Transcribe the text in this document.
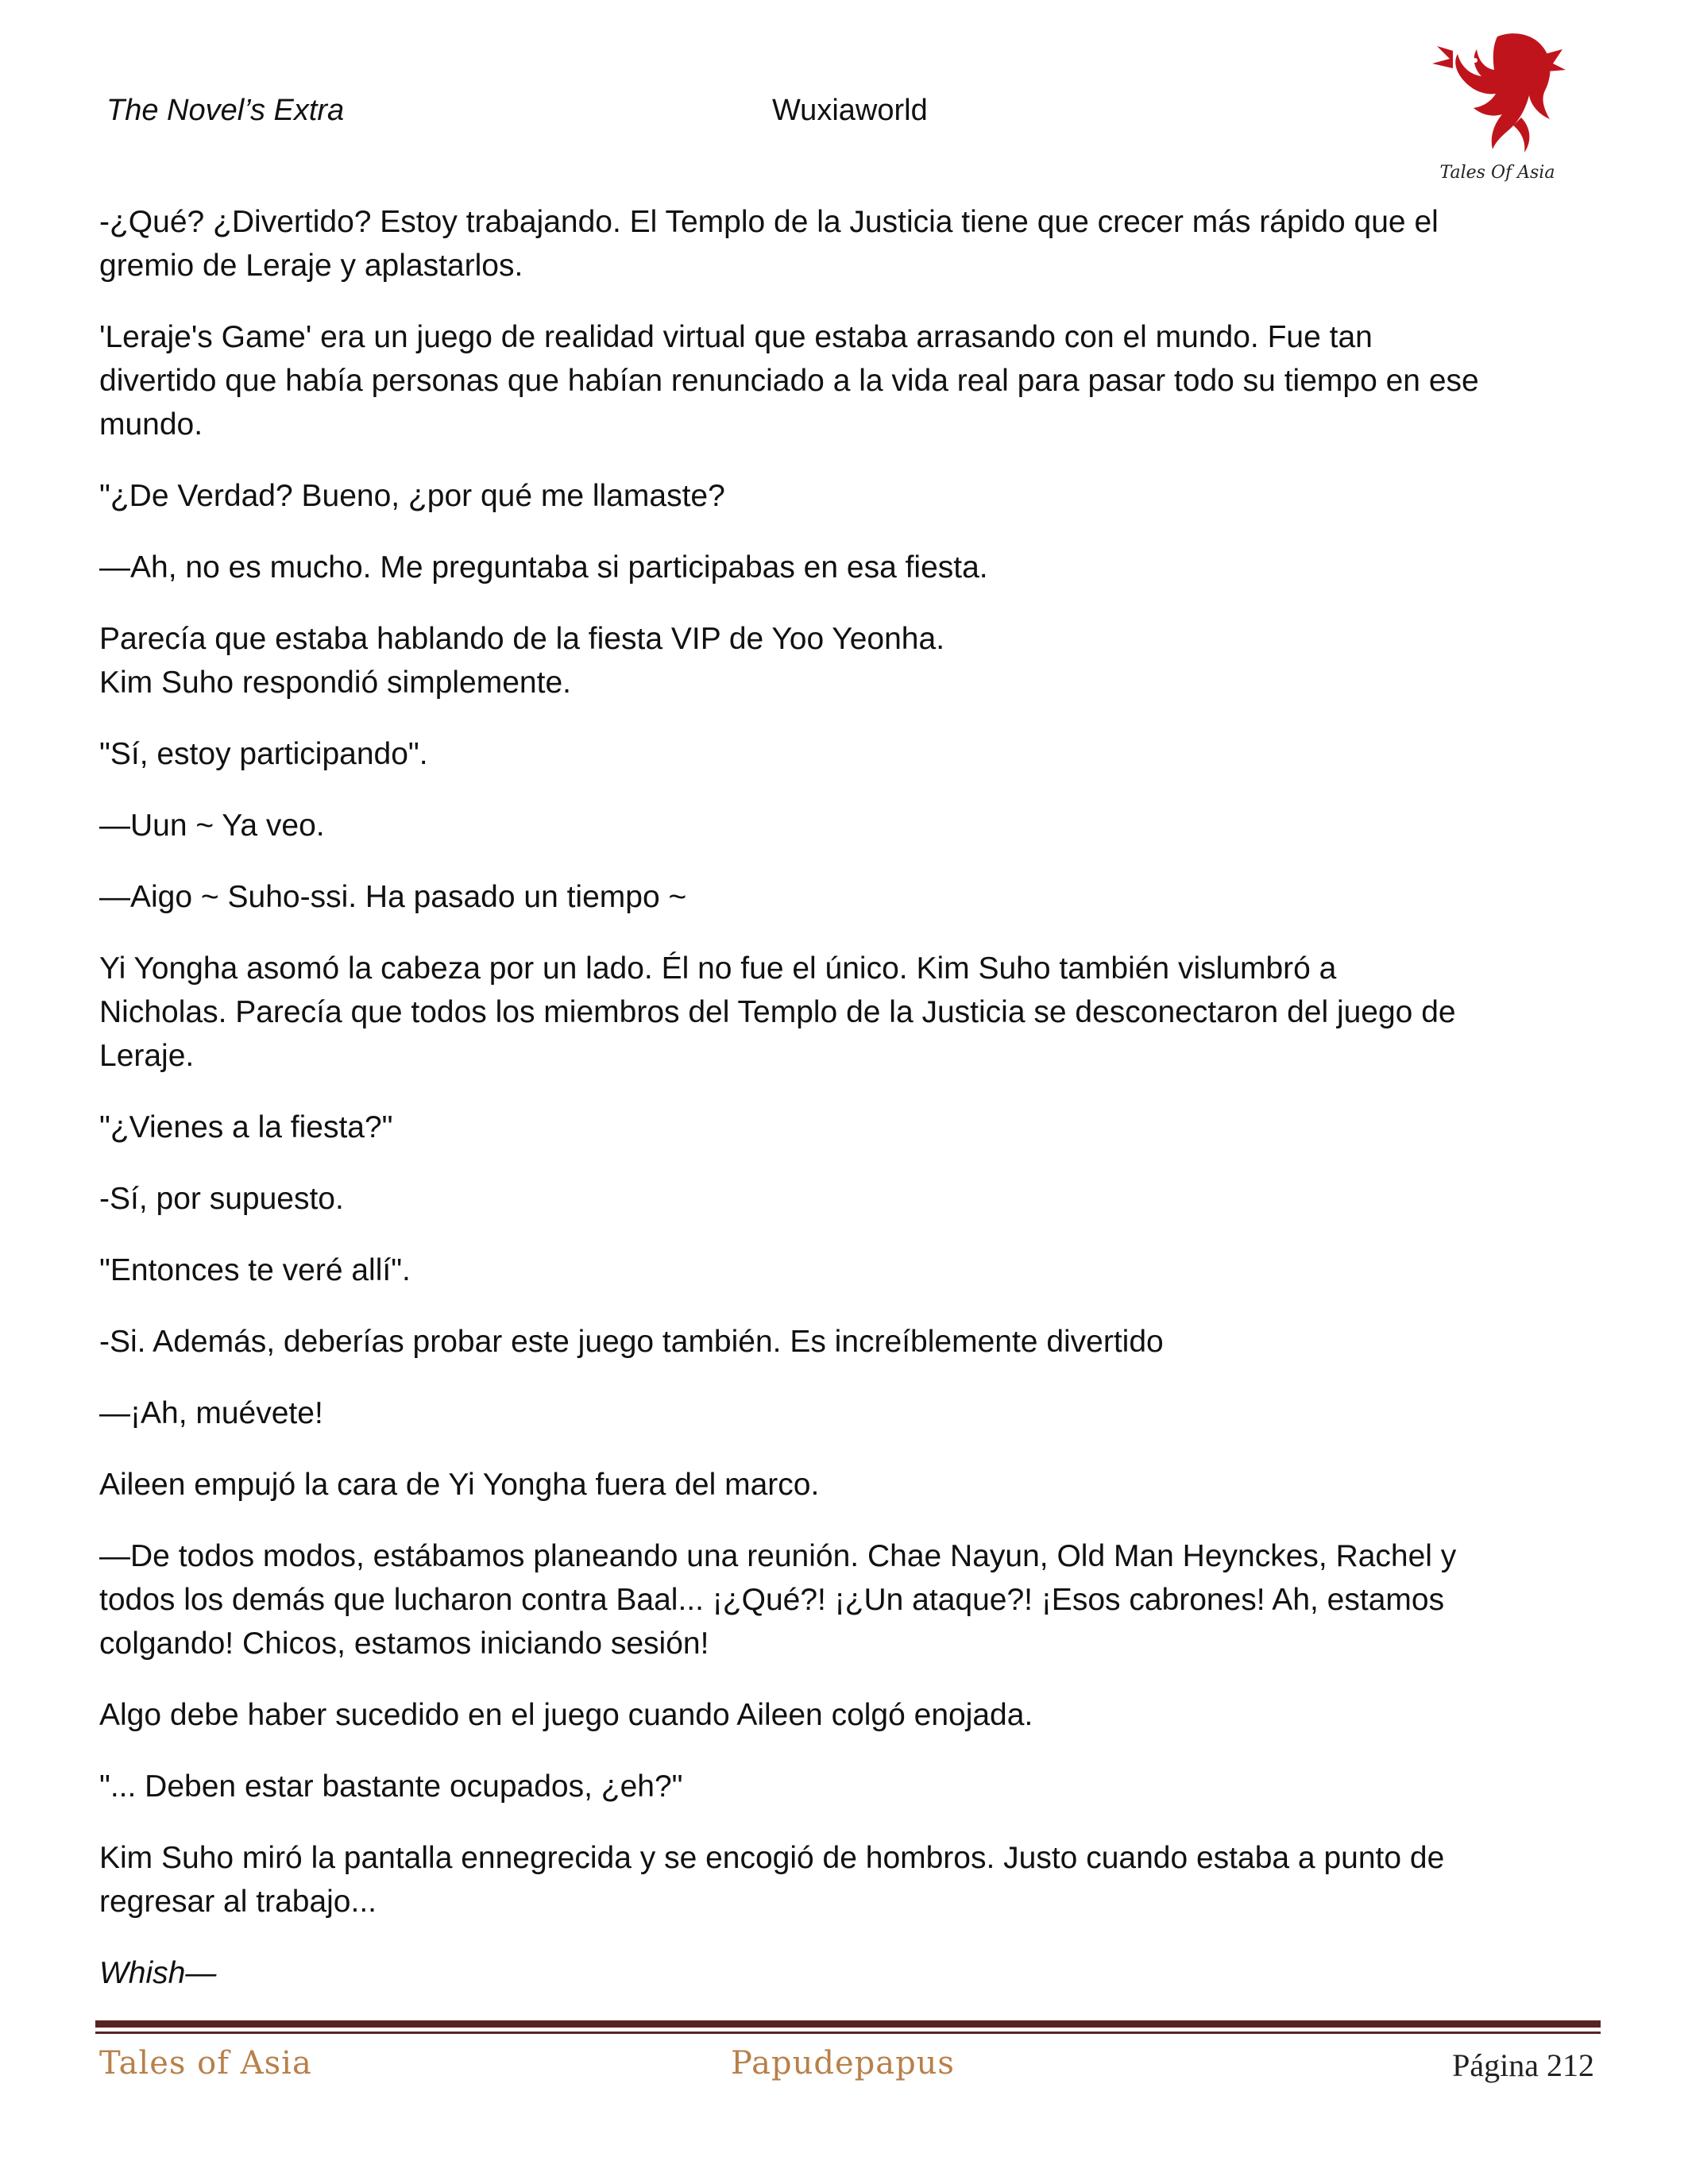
The Novel’s Extra	Wuxiaworld
Tales Of Asia

-¿Qué? ¿Divertido? Estoy trabajando. El Templo de la Justicia tiene que crecer más rápido que el
gremio de Leraje y aplastarlos.

'Leraje's Game' era un juego de realidad virtual que estaba arrasando con el mundo. Fue tan
divertido que había personas que habían renunciado a la vida real para pasar todo su tiempo en ese
mundo.

"¿De Verdad? Bueno, ¿por qué me llamaste?

—Ah, no es mucho. Me preguntaba si participabas en esa fiesta.

Parecía que estaba hablando de la fiesta VIP de Yoo Yeonha.
Kim Suho respondió simplemente.

"Sí, estoy participando".

—Uun ~ Ya veo.

—Aigo ~ Suho-ssi. Ha pasado un tiempo ~

Yi Yongha asomó la cabeza por un lado. Él no fue el único. Kim Suho también vislumbró a
Nicholas. Parecía que todos los miembros del Templo de la Justicia se desconectaron del juego de
Leraje.

"¿Vienes a la fiesta?"

-Sí, por supuesto.

"Entonces te veré allí".

-Si. Además, deberías probar este juego también. Es increíblemente divertido

—¡Ah, muévete!

Aileen empujó la cara de Yi Yongha fuera del marco.

—De todos modos, estábamos planeando una reunión. Chae Nayun, Old Man Heynckes, Rachel y
todos los demás que lucharon contra Baal... ¡¿Qué?! ¡¿Un ataque?! ¡Esos cabrones! Ah, estamos
colgando! Chicos, estamos iniciando sesión!

Algo debe haber sucedido en el juego cuando Aileen colgó enojada.

"... Deben estar bastante ocupados, ¿eh?"

Kim Suho miró la pantalla ennegrecida y se encogió de hombros. Justo cuando estaba a punto de
regresar al trabajo...

Whish—

Tales of Asia	Papudepapus	Página 212
